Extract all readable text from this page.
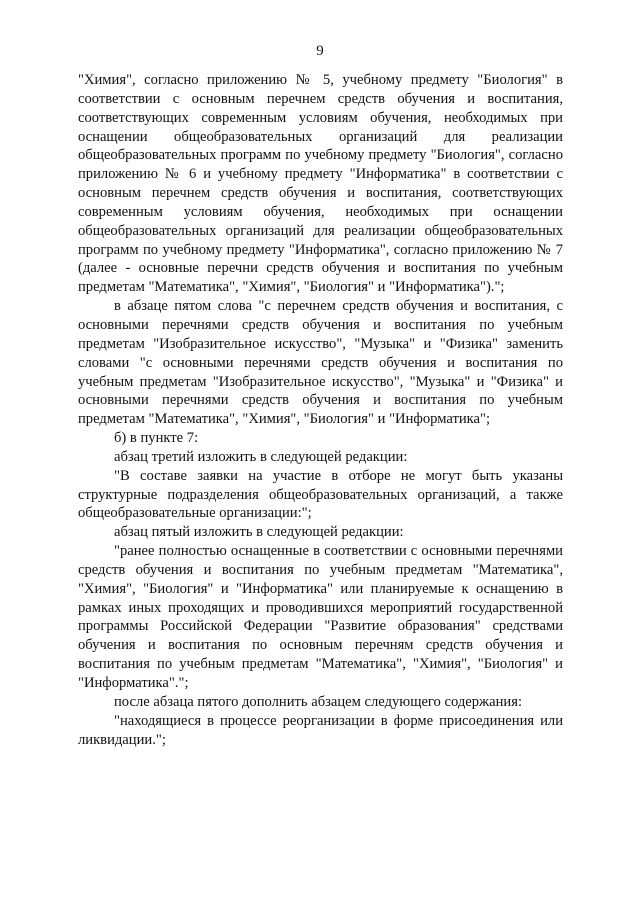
9

"Химия", согласно приложению № 5, учебному предмету "Биология" в соответствии с основным перечнем средств обучения и воспитания, соответствующих современным условиям обучения, необходимых при оснащении общеобразовательных организаций для реализации общеобразовательных программ по учебному предмету "Биология", согласно приложению № 6 и учебному предмету "Информатика" в соответствии с основным перечнем средств обучения и воспитания, соответствующих современным условиям обучения, необходимых при оснащении общеобразовательных организаций для реализации общеобразовательных программ по учебному предмету "Информатика", согласно приложению № 7 (далее - основные перечни средств обучения и воспитания по учебным предметам "Математика", "Химия", "Биология" и "Информатика").";

в абзаце пятом слова "с перечнем средств обучения и воспитания, с основными перечнями средств обучения и воспитания по учебным предметам "Изобразительное искусство", "Музыка" и "Физика" заменить словами "с основными перечнями средств обучения и воспитания по учебным предметам "Изобразительное искусство", "Музыка" и "Физика" и основными перечнями средств обучения и воспитания по учебным предметам "Математика", "Химия", "Биология" и "Информатика";

б) в пункте 7:

абзац третий изложить в следующей редакции:

"В составе заявки на участие в отборе не могут быть указаны структурные подразделения общеобразовательных организаций, а также общеобразовательные организации:";

абзац пятый изложить в следующей редакции:

"ранее полностью оснащенные в соответствии с основными перечнями средств обучения и воспитания по учебным предметам "Математика", "Химия", "Биология" и "Информатика" или планируемые к оснащению в рамках иных проходящих и проводившихся мероприятий государственной программы Российской Федерации "Развитие образования" средствами обучения и воспитания по основным перечням средств обучения и воспитания по учебным предметам "Математика", "Химия", "Биология" и "Информатика".";

после абзаца пятого дополнить абзацем следующего содержания:

"находящиеся в процессе реорганизации в форме присоединения или ликвидации.";
